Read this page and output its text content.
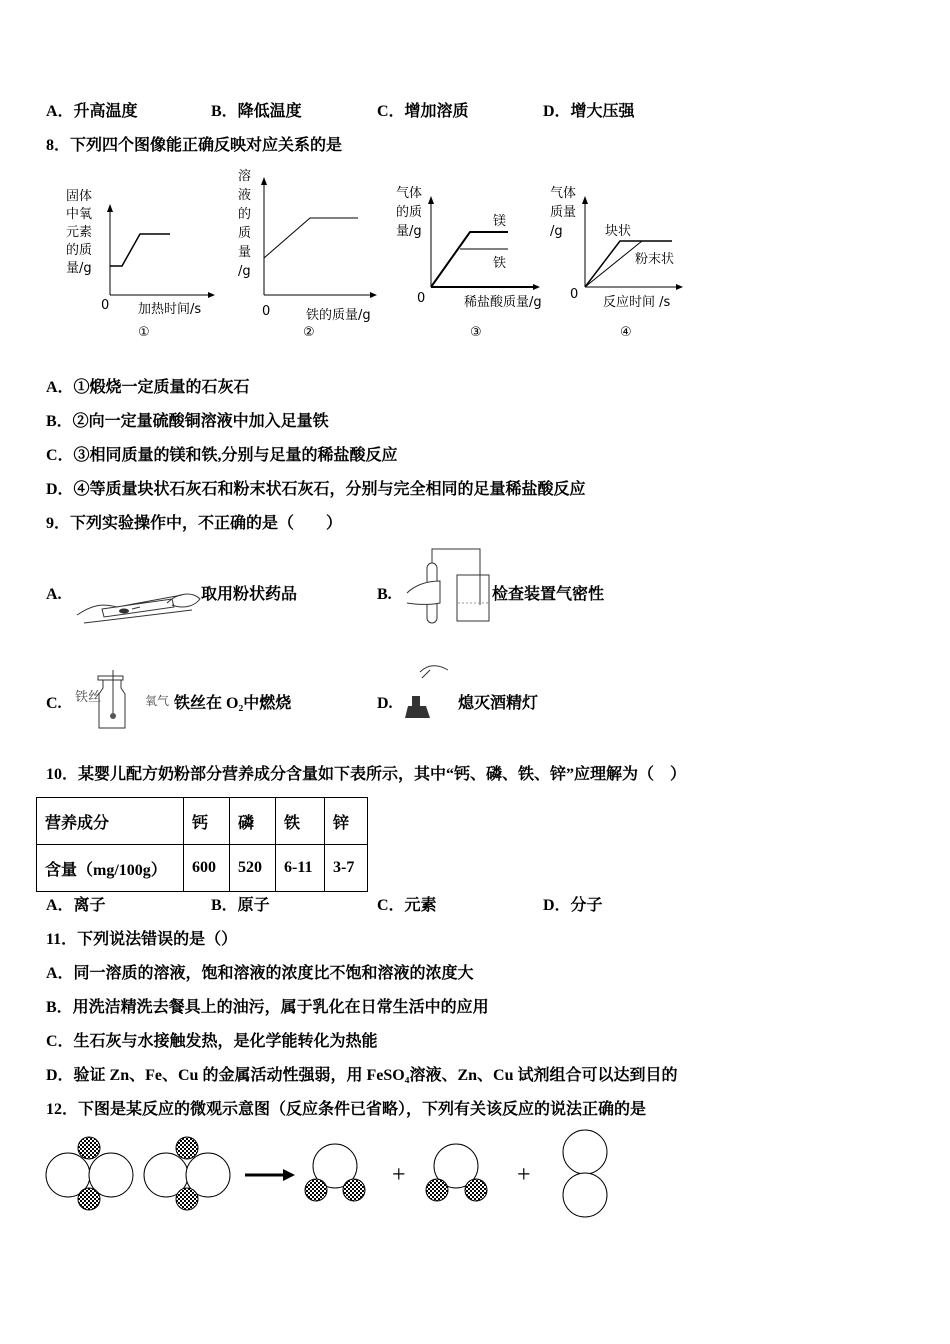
A．升高温度	B．降低温度	C．增加溶质	D．增大压强
8．下列四个图像能正确反映对应关系的是
固体
中氧
元素
的质
量/g
0 加热时间/s
①
溶
液
的
质
量
/g
0	铁的质量/g
②
气体
的质
量/g
镁
铁
0	稀盐酸质量/g
③
气体
质量
/g	块状
粉末状
0
反应时间 /s
④
A．①煅烧一定质量的石灰石
B．②向一定量硫酸铜溶液中加入足量铁
C．③相同质量的镁和铁,分别与足量的稀盐酸反应
D．④等质量块状石灰石和粉末状石灰石，分别与完全相同的足量稀盐酸反应
9．下列实验操作中，不正确的是（　　）
A.	取用粉状药品	B.	检查装置气密性
C. 铁丝	氧气 铁丝在 O₂中燃烧	D.	熄灭酒精灯
10．某婴儿配方奶粉部分营养成分含量如下表所示，其中“钙、磷、铁、锌”应理解为（　）
营养成分	钙	磷	铁	锌
含量（mg/100g）	600	520	6-11	3-7
A．离子	B．原子	C．元素	D．分子
11．下列说法错误的是（）
A．同一溶质的溶液，饱和溶液的浓度比不饱和溶液的浓度大
B．用洗洁精洗去餐具上的油污，属于乳化在日常生活中的应用
C．生石灰与水接触发热，是化学能转化为热能
D．验证 Zn、Fe、Cu 的金属活动性强弱，用 FeSO₄溶液、Zn、Cu 试剂组合可以达到目的
12．下图是某反应的微观示意图（反应条件已省略），下列有关该反应的说法正确的是
+	+
